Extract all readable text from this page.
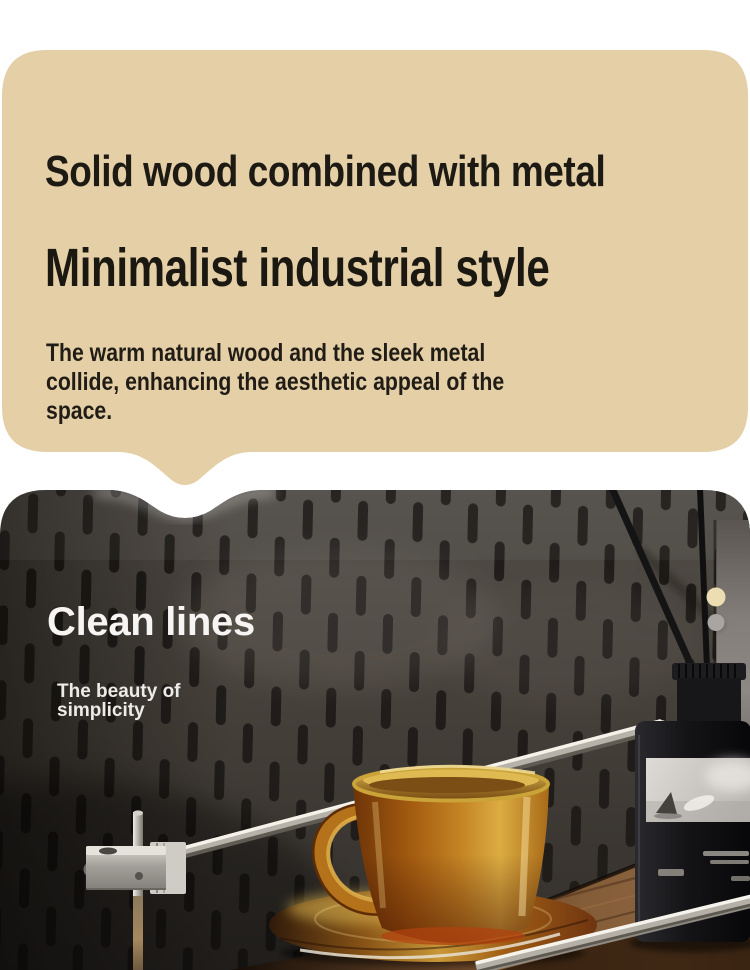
Solid wood combined with metal
Minimalist industrial style
The warm natural wood and the sleek metal
collide, enhancing the aesthetic appeal of the
space.
Clean lines
The beauty of
simplicity
